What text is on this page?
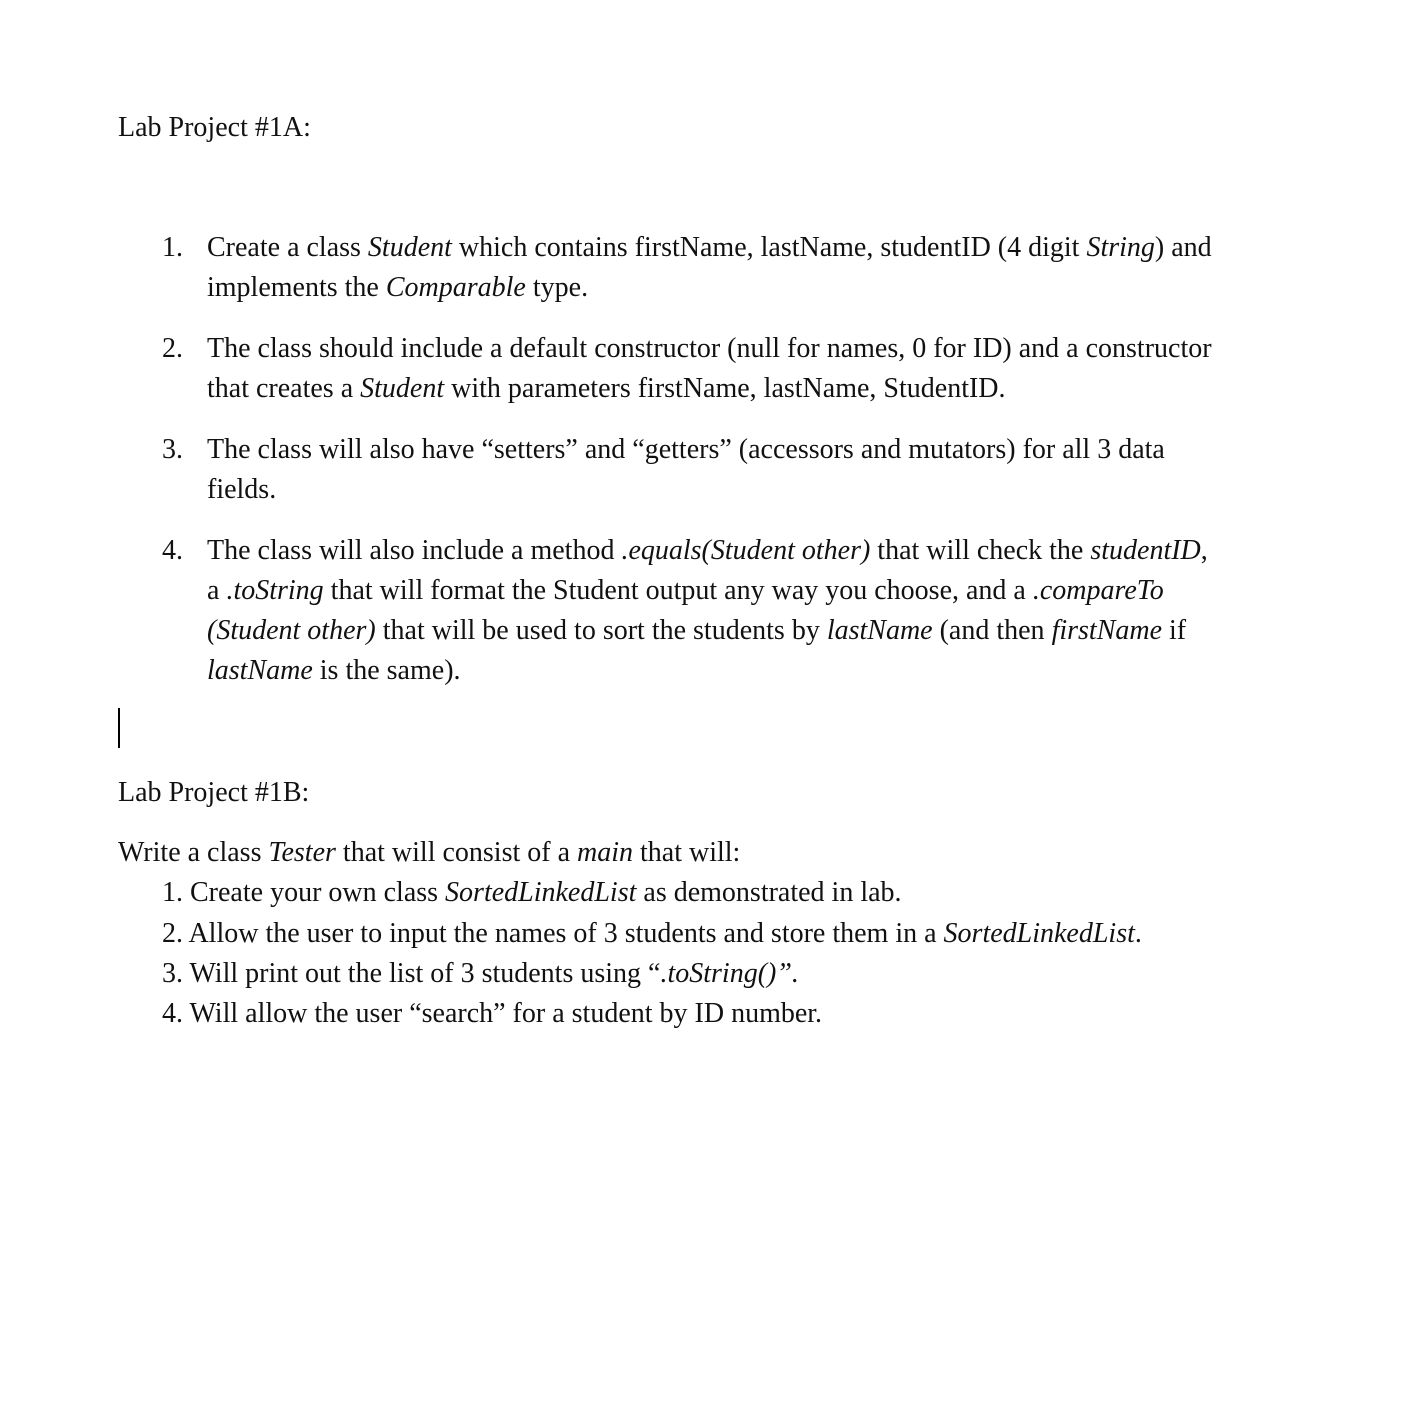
Lab Project #1A:
1. Create a class Student which contains firstName, lastName, studentID (4 digit String) and
implements the Comparable type.
2. The class should include a default constructor (null for names, 0 for ID) and a constructor
that creates a Student with parameters firstName, lastName, StudentID.
3. The class will also have “setters” and “getters” (accessors and mutators) for all 3 data
fields.
4. The class will also include a method .equals(Student other) that will check the studentID,
a .toString that will format the Student output any way you choose, and a .compareTo
(Student other) that will be used to sort the students by lastName (and then firstName if
lastName is the same).
Lab Project #1B:
Write a class Tester that will consist of a main that will:
1. Create your own class SortedLinkedList as demonstrated in lab.
2. Allow the user to input the names of 3 students and store them in a SortedLinkedList.
3. Will print out the list of 3 students using “.toString()”.
4. Will allow the user “search” for a student by ID number.
